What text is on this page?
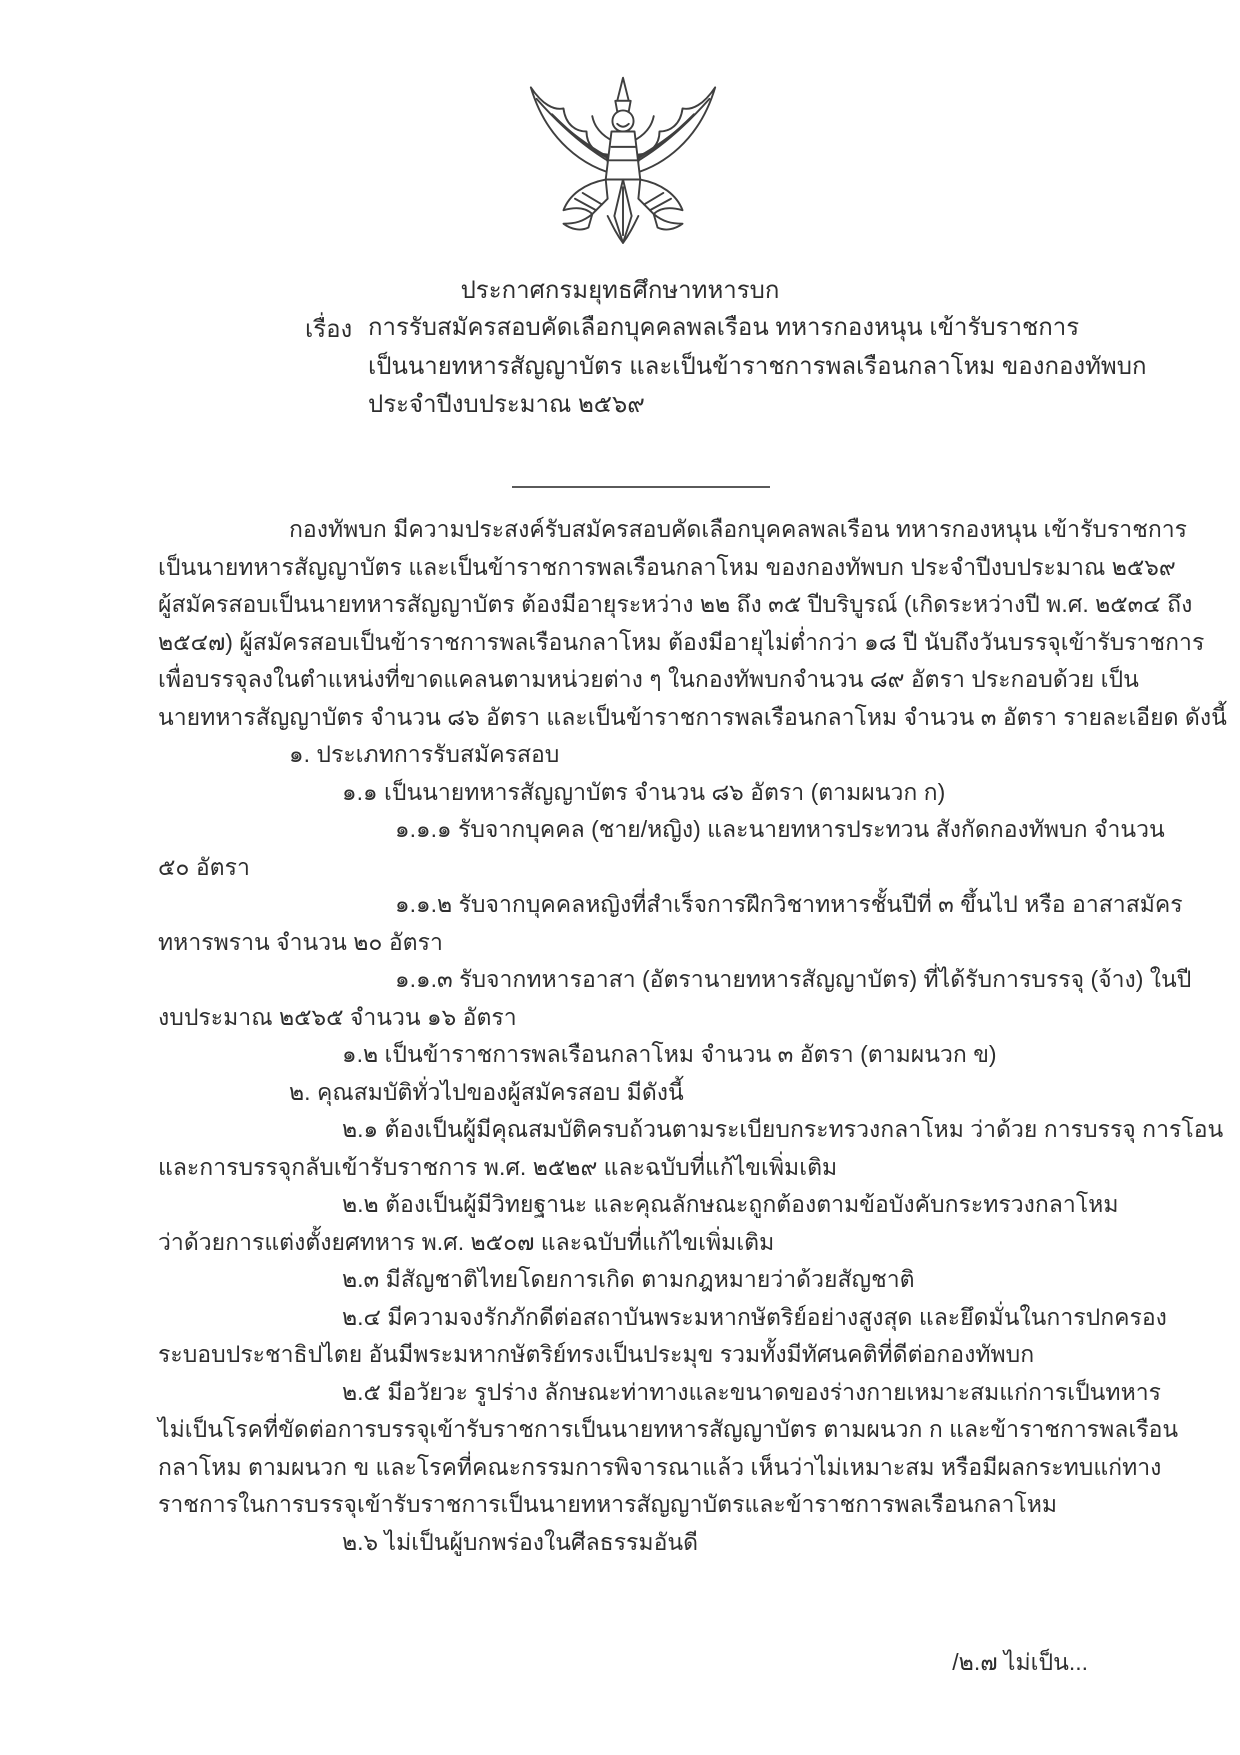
ประกาศกรมยุทธศึกษาทหารบก
เรื่อง การรับสมัครสอบคัดเลือกบุคคลพลเรือน ทหารกองหนุน เข้ารับราชการ
เป็นนายทหารสัญญาบัตร และเป็นข้าราชการพลเรือนกลาโหม ของกองทัพบก
ประจำปีงบประมาณ ๒๕๖๙
กองทัพบก มีความประสงค์รับสมัครสอบคัดเลือกบุคคลพลเรือน ทหารกองหนุน เข้ารับราชการ
เป็นนายทหารสัญญาบัตร และเป็นข้าราชการพลเรือนกลาโหม ของกองทัพบก ประจำปีงบประมาณ ๒๕๖๙
ผู้สมัครสอบเป็นนายทหารสัญญาบัตร ต้องมีอายุระหว่าง ๒๒ ถึง ๓๕ ปีบริบูรณ์ (เกิดระหว่างปี พ.ศ. ๒๕๓๔ ถึง
๒๕๔๗) ผู้สมัครสอบเป็นข้าราชการพลเรือนกลาโหม ต้องมีอายุไม่ต่ำกว่า ๑๘ ปี นับถึงวันบรรจุเข้ารับราชการ
เพื่อบรรจุลงในตำแหน่งที่ขาดแคลนตามหน่วยต่าง ๆ ในกองทัพบกจำนวน ๘๙ อัตรา ประกอบด้วย เป็น
นายทหารสัญญาบัตร จำนวน ๘๖ อัตรา และเป็นข้าราชการพลเรือนกลาโหม จำนวน ๓ อัตรา รายละเอียด ดังนี้
๑. ประเภทการรับสมัครสอบ
๑.๑ เป็นนายทหารสัญญาบัตร จำนวน ๘๖ อัตรา (ตามผนวก ก)
๑.๑.๑ รับจากบุคคล (ชาย/หญิง) และนายทหารประทวน สังกัดกองทัพบก จำนวน
๕๐ อัตรา
๑.๑.๒ รับจากบุคคลหญิงที่สำเร็จการฝึกวิชาทหารชั้นปีที่ ๓ ขึ้นไป หรือ อาสาสมัคร
ทหารพราน จำนวน ๒๐ อัตรา
๑.๑.๓ รับจากทหารอาสา (อัตรานายทหารสัญญาบัตร) ที่ได้รับการบรรจุ (จ้าง) ในปี
งบประมาณ ๒๕๖๕ จำนวน ๑๖ อัตรา
๑.๒ เป็นข้าราชการพลเรือนกลาโหม จำนวน ๓ อัตรา (ตามผนวก ข)
๒. คุณสมบัติทั่วไปของผู้สมัครสอบ มีดังนี้
๒.๑ ต้องเป็นผู้มีคุณสมบัติครบถ้วนตามระเบียบกระทรวงกลาโหม ว่าด้วย การบรรจุ การโอน
และการบรรจุกลับเข้ารับราชการ พ.ศ. ๒๕๒๙ และฉบับที่แก้ไขเพิ่มเติม
๒.๒ ต้องเป็นผู้มีวิทยฐานะ และคุณลักษณะถูกต้องตามข้อบังคับกระทรวงกลาโหม
ว่าด้วยการแต่งตั้งยศทหาร พ.ศ. ๒๕๐๗ และฉบับที่แก้ไขเพิ่มเติม
๒.๓ มีสัญชาติไทยโดยการเกิด ตามกฎหมายว่าด้วยสัญชาติ
๒.๔ มีความจงรักภักดีต่อสถาบันพระมหากษัตริย์อย่างสูงสุด และยึดมั่นในการปกครอง
ระบอบประชาธิปไตย อันมีพระมหากษัตริย์ทรงเป็นประมุข รวมทั้งมีทัศนคติที่ดีต่อกองทัพบก
๒.๕ มีอวัยวะ รูปร่าง ลักษณะท่าทางและขนาดของร่างกายเหมาะสมแก่การเป็นทหาร
ไม่เป็นโรคที่ขัดต่อการบรรจุเข้ารับราชการเป็นนายทหารสัญญาบัตร ตามผนวก ก และข้าราชการพลเรือน
กลาโหม ตามผนวก ข และโรคที่คณะกรรมการพิจารณาแล้ว เห็นว่าไม่เหมาะสม หรือมีผลกระทบแก่ทาง
ราชการในการบรรจุเข้ารับราชการเป็นนายทหารสัญญาบัตรและข้าราชการพลเรือนกลาโหม
๒.๖ ไม่เป็นผู้บกพร่องในศีลธรรมอันดี
/๒.๗ ไม่เป็น...
